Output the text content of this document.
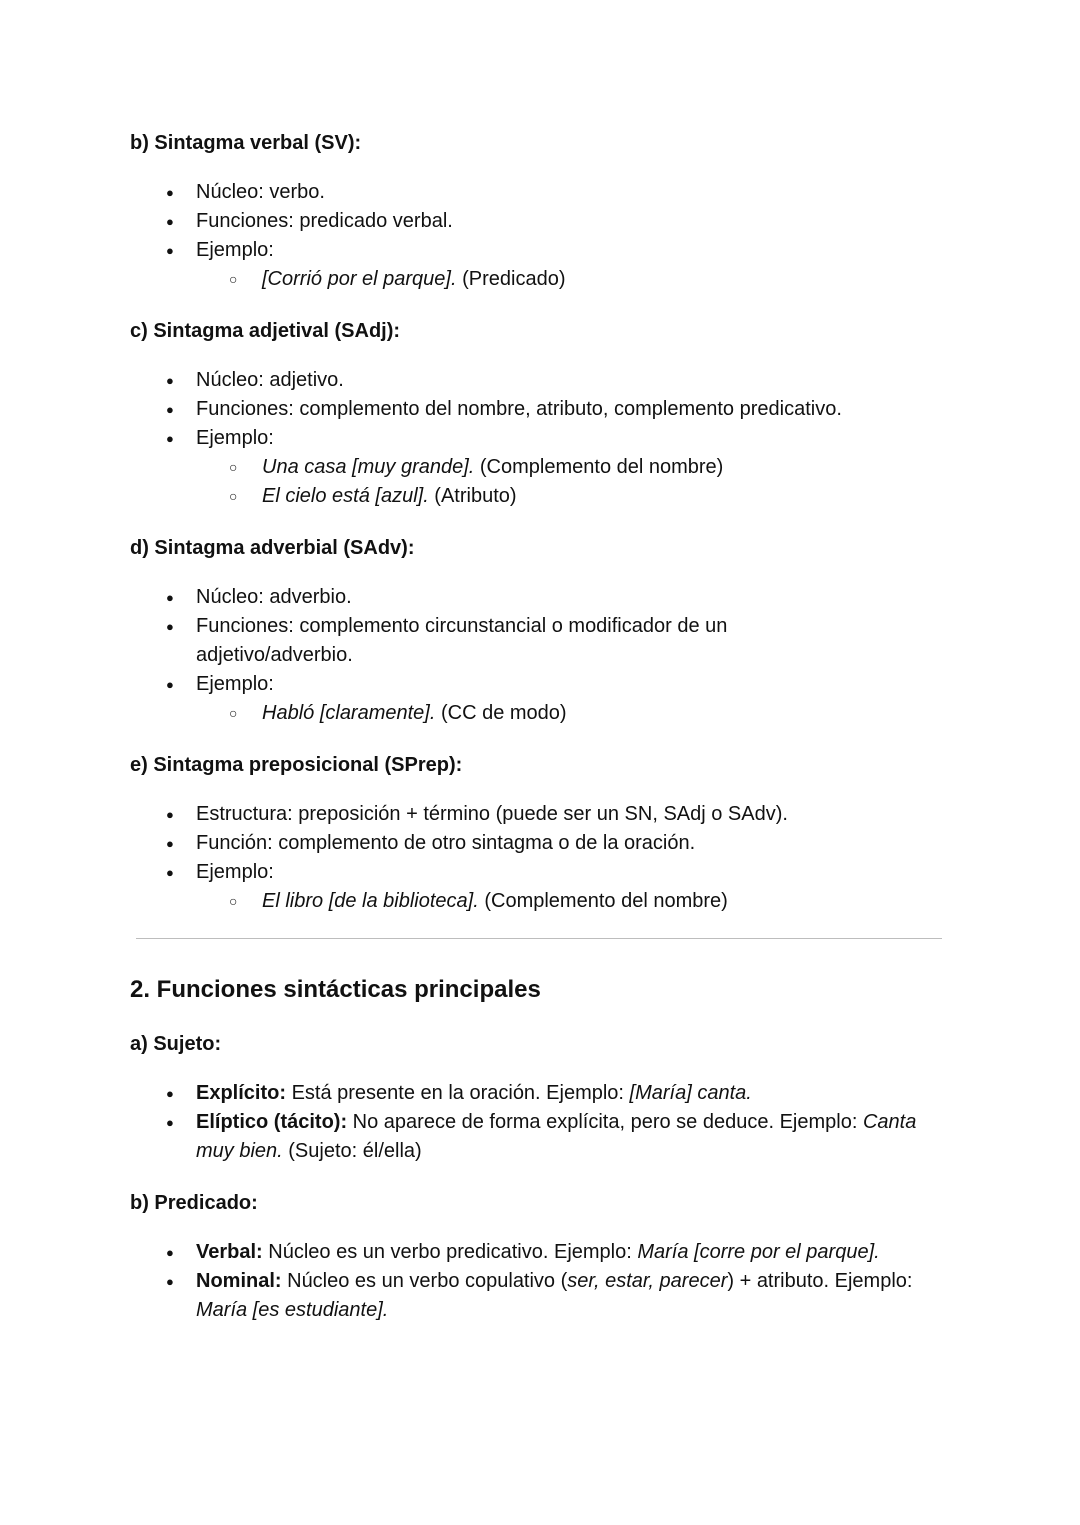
b) Sintagma verbal (SV):
● Núcleo: verbo.
● Funciones: predicado verbal.
● Ejemplo:
○ [Corrió por el parque]. (Predicado)
c) Sintagma adjetival (SAdj):
● Núcleo: adjetivo.
● Funciones: complemento del nombre, atributo, complemento predicativo.
● Ejemplo:
○ Una casa [muy grande]. (Complemento del nombre)
○ El cielo está [azul]. (Atributo)
d) Sintagma adverbial (SAdv):
● Núcleo: adverbio.
● Funciones: complemento circunstancial o modificador de un adjetivo/adverbio.
● Ejemplo:
○ Habló [claramente]. (CC de modo)
e) Sintagma preposicional (SPrep):
● Estructura: preposición + término (puede ser un SN, SAdj o SAdv).
● Función: complemento de otro sintagma o de la oración.
● Ejemplo:
○ El libro [de la biblioteca]. (Complemento del nombre)
2. Funciones sintácticas principales
a) Sujeto:
● Explícito: Está presente en la oración. Ejemplo: [María] canta.
● Elíptico (tácito): No aparece de forma explícita, pero se deduce. Ejemplo: Canta muy bien. (Sujeto: él/ella)
b) Predicado:
● Verbal: Núcleo es un verbo predicativo. Ejemplo: María [corre por el parque].
● Nominal: Núcleo es un verbo copulativo (ser, estar, parecer) + atributo. Ejemplo: María [es estudiante].
